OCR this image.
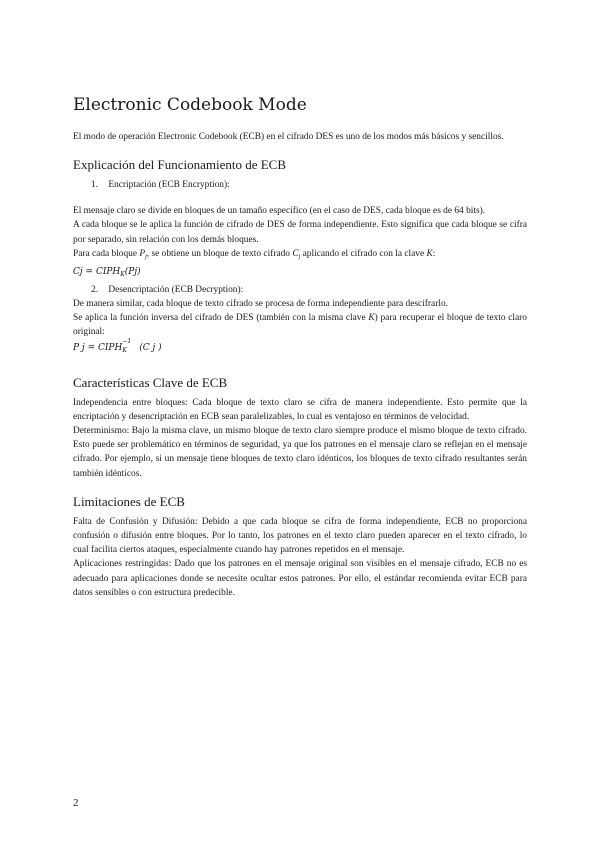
Electronic Codebook Mode

El modo de operación Electronic Codebook (ECB) en el cifrado DES es uno de los modos más básicos y sencillos.

Explicación del Funcionamiento de ECB

1. Encriptación (ECB Encryption):

El mensaje claro se divide en bloques de un tamaño específico (en el caso de DES, cada bloque es de 64 bits).

A cada bloque se le aplica la función de cifrado de DES de forma independiente. Esto significa que cada bloque se cifra por separado, sin relación con los demás bloques.

Para cada bloque $P_j$, se obtiene un bloque de texto cifrado $C_j$ aplicando el cifrado con la clave K:

$Cj = CIPH_K(Pj)$

2. Desencriptación (ECB Decryption):

De manera similar, cada bloque de texto cifrado se procesa de forma independiente para descifrarlo.

Se aplica la función inversa del cifrado de DES (también con la misma clave K) para recuperar el bloque de texto claro original:

P j = CIPH
−1
K (C j )

Características Clave de ECB

Independencia entre bloques: Cada bloque de texto claro se cifra de manera independiente. Esto permite que la encriptación y desencriptación en ECB sean paralelizables, lo cual es ventajoso en términos de velocidad.

Determinismo: Bajo la misma clave, un mismo bloque de texto claro siempre produce el mismo bloque de texto cifrado. Esto puede ser problemático en términos de seguridad, ya que los patrones en el mensaje claro se reflejan en el mensaje cifrado. Por ejemplo, si un mensaje tiene bloques de texto claro idénticos, los bloques de texto cifrado resultantes serán también idénticos.

Limitaciones de ECB

Falta de Confusión y Difusión: Debido a que cada bloque se cifra de forma independiente, ECB no proporciona confusión o difusión entre bloques. Por lo tanto, los patrones en el texto claro pueden aparecer en el texto cifrado, lo cual facilita ciertos ataques, especialmente cuando hay patrones repetidos en el mensaje.

Aplicaciones restringidas: Dado que los patrones en el mensaje original son visibles en el mensaje cifrado, ECB no es adecuado para aplicaciones donde se necesite ocultar estos patrones. Por ello, el estándar recomienda evitar ECB para datos sensibles o con estructura predecible.

2
